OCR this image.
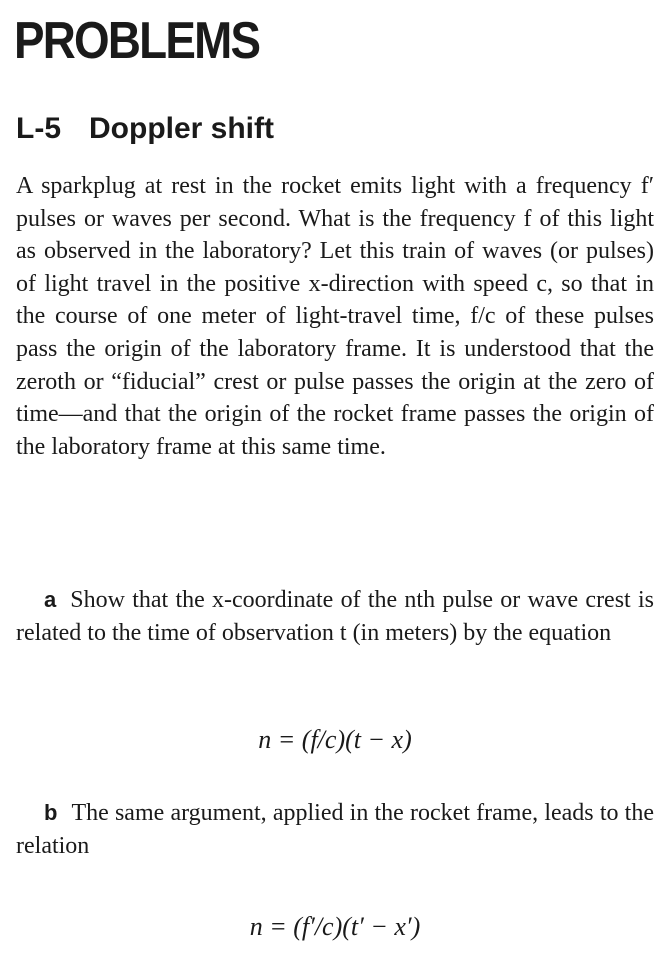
PROBLEMS
L-5 Doppler shift

A sparkplug at rest in the rocket emits light with a frequency f′ pulses or waves per second. What is the frequency f of this light as observed in the laboratory? Let this train of waves (or pulses) of light travel in the positive x-direction with speed c, so that in the course of one meter of light-travel time, f/c of these pulses pass the origin of the laboratory frame. It is understood that the zeroth or “fiducial” crest or pulse passes the origin at the zero of time—and that the origin of the rocket frame passes the origin of the laboratory frame at this same time.

a Show that the x-coordinate of the nth pulse or wave crest is related to the time of observation t (in meters) by the equation

n = (f/c)(t − x)

b The same argument, applied in the rocket frame, leads to the relation

n = (f′/c)(t′ − x′)
